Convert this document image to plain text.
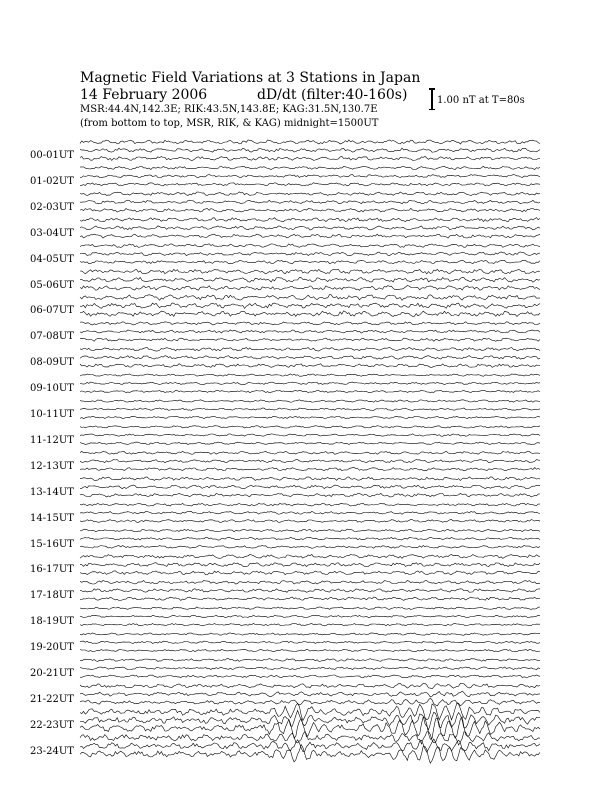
Magnetic Field Variations at 3 Stations in Japan
14 February 2006	dD/dt (filter:40-160s)
MSR:44.4N,142.3E; RIK:43.5N,143.8E; KAG:31.5N,130.7E
(from bottom to top, MSR, RIK, & KAG) midnight=1500UT
1.00 nT at T=80s
00-01UT
01-02UT
02-03UT
03-04UT
04-05UT
05-06UT
06-07UT
07-08UT
08-09UT
09-10UT
10-11UT
11-12UT
12-13UT
13-14UT
14-15UT
15-16UT
16-17UT
17-18UT
18-19UT
19-20UT
20-21UT
21-22UT
22-23UT
23-24UT
